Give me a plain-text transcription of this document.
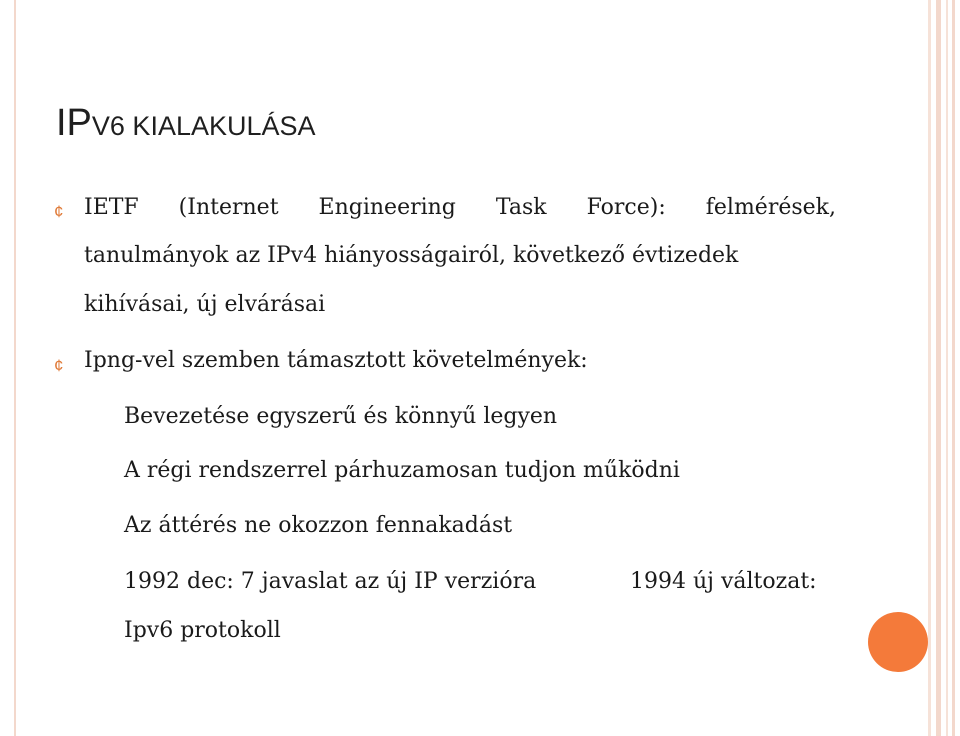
IPV6 KIALAKULÁSA
¢ IETF (Internet Engineering Task Force): felmérések,
tanulmányok az IPv4 hiányosságairól, következő évtizedek
kihívásai, új elvárásai
¢ Ipng-vel szemben támasztott követelmények:
Bevezetése egyszerű és könnyű legyen
A régi rendszerrel párhuzamosan tudjon működni
Az áttérés ne okozzon fennakadást
1992 dec: 7 javaslat az új IP verzióra	1994 új változat:
Ipv6 protokoll
